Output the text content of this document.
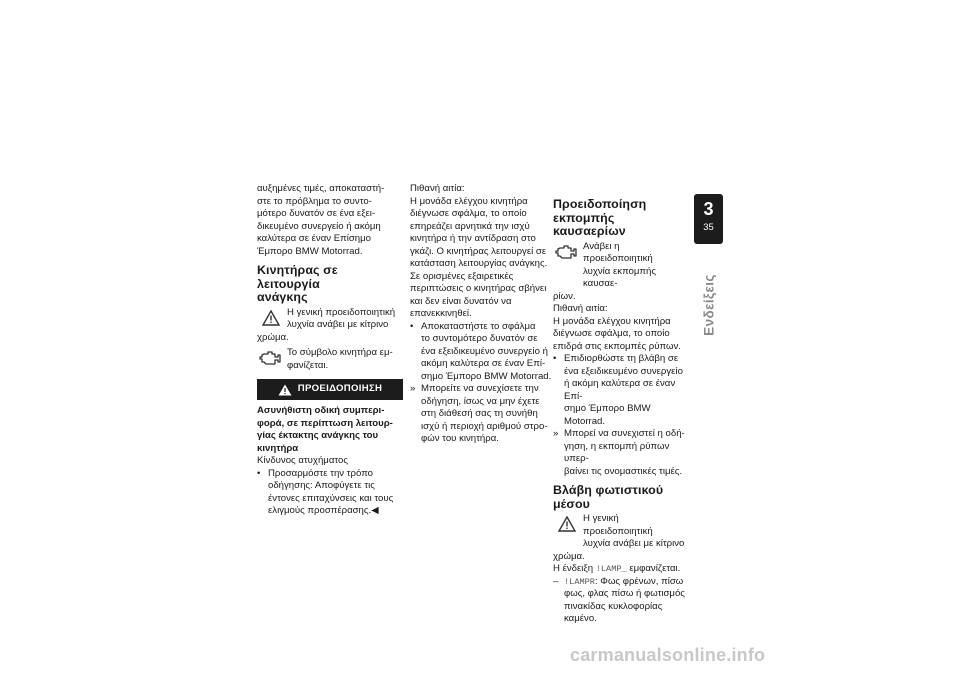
αυξημένες τιμές, αποκαταστή-

στε το πρόβλημα το συντο-

μότερο δυνατόν σε ένα εξει-

δικευμένο συνεργείο ή ακόμη

καλύτερα σε έναν Επίσημο

Έμπορο BMW Motorrad.

Κινητήρας σε λειτουργία
ανάγκης

Η γενική προειδοποιητική

λυχνία ανάβει με κίτρινο

χρώμα.

Το σύμβολο κινητήρα εμ-

φανίζεται.

ΠΡΟΕΙΔΟΠΟΙΗΣΗ
Ασυνήθιστη οδική συμπερι-
φορά, σε περίπτωση λειτουρ-
γίας έκτακτης ανάγκης του
κινητήρα

Κίνδυνος ατυχήματος

• Προσαρμόστε την τρόπο

οδήγησης: Αποφύγετε τις

έντονες επιταχύνσεις και τους

ελιγμούς προσπέρασης.◀

Πιθανή αιτία:

Η μονάδα ελέγχου κινητήρα

διέγνωσε σφάλμα, το οποίο

επηρεάζει αρνητικά την ισχύ

κινητήρα ή την αντίδραση στο

γκάζι. Ο κινητήρας λειτουργεί σε

κατάσταση λειτουργίας ανάγκης.

Σε ορισμένες εξαιρετικές

περιπτώσεις ο κινητήρας σβήνει

και δεν είναι δυνατόν να

επανεκκινηθεί.

• Αποκαταστήστε το σφάλμα

το συντομότερο δυνατόν σε

ένα εξειδικευμένο συνεργείο ή

ακόμη καλύτερα σε έναν Επί-

σημο Έμπορο BMW Motorrad.

» Μπορείτε να συνεχίσετε την

οδήγηση, ίσως να μην έχετε

στη διάθεσή σας τη συνήθη

ισχύ ή περιοχή αριθμού στρο-

φών του κινητήρα.

Προειδοποίηση εκπομπής
καυσαερίων

Ανάβει η προειδοποιητική

λυχνία εκπομπής καυσαε-

ρίων.

Πιθανή αιτία:

Η μονάδα ελέγχου κινητήρα

διέγνωσε σφάλμα, το οποίο

επιδρά στις εκπομπές ρύπων.

• Επιδιορθώστε τη βλάβη σε

ένα εξειδικευμένο συνεργείο

ή ακόμη καλύτερα σε έναν Επί-

σημο Έμπορο BMW Motorrad.

» Μπορεί να συνεχιστεί η οδή-

γηση, η εκπομπή ρύπων υπερ-

βαίνει τις ονομαστικές τιμές.

Βλάβη φωτιστικού μέσου

Η γενική προειδοποιητική

λυχνία ανάβει με κίτρινο

χρώμα.

Η ένδειξη !LAMP_ εμφανίζεται.

– !LAMPR: Φως φρένων, πίσω

φως, φλας πίσω ή φωτισμός

πινακίδας κυκλοφορίας καμένο.

3
35
Ενδείξεις
carmanualsonline.info
